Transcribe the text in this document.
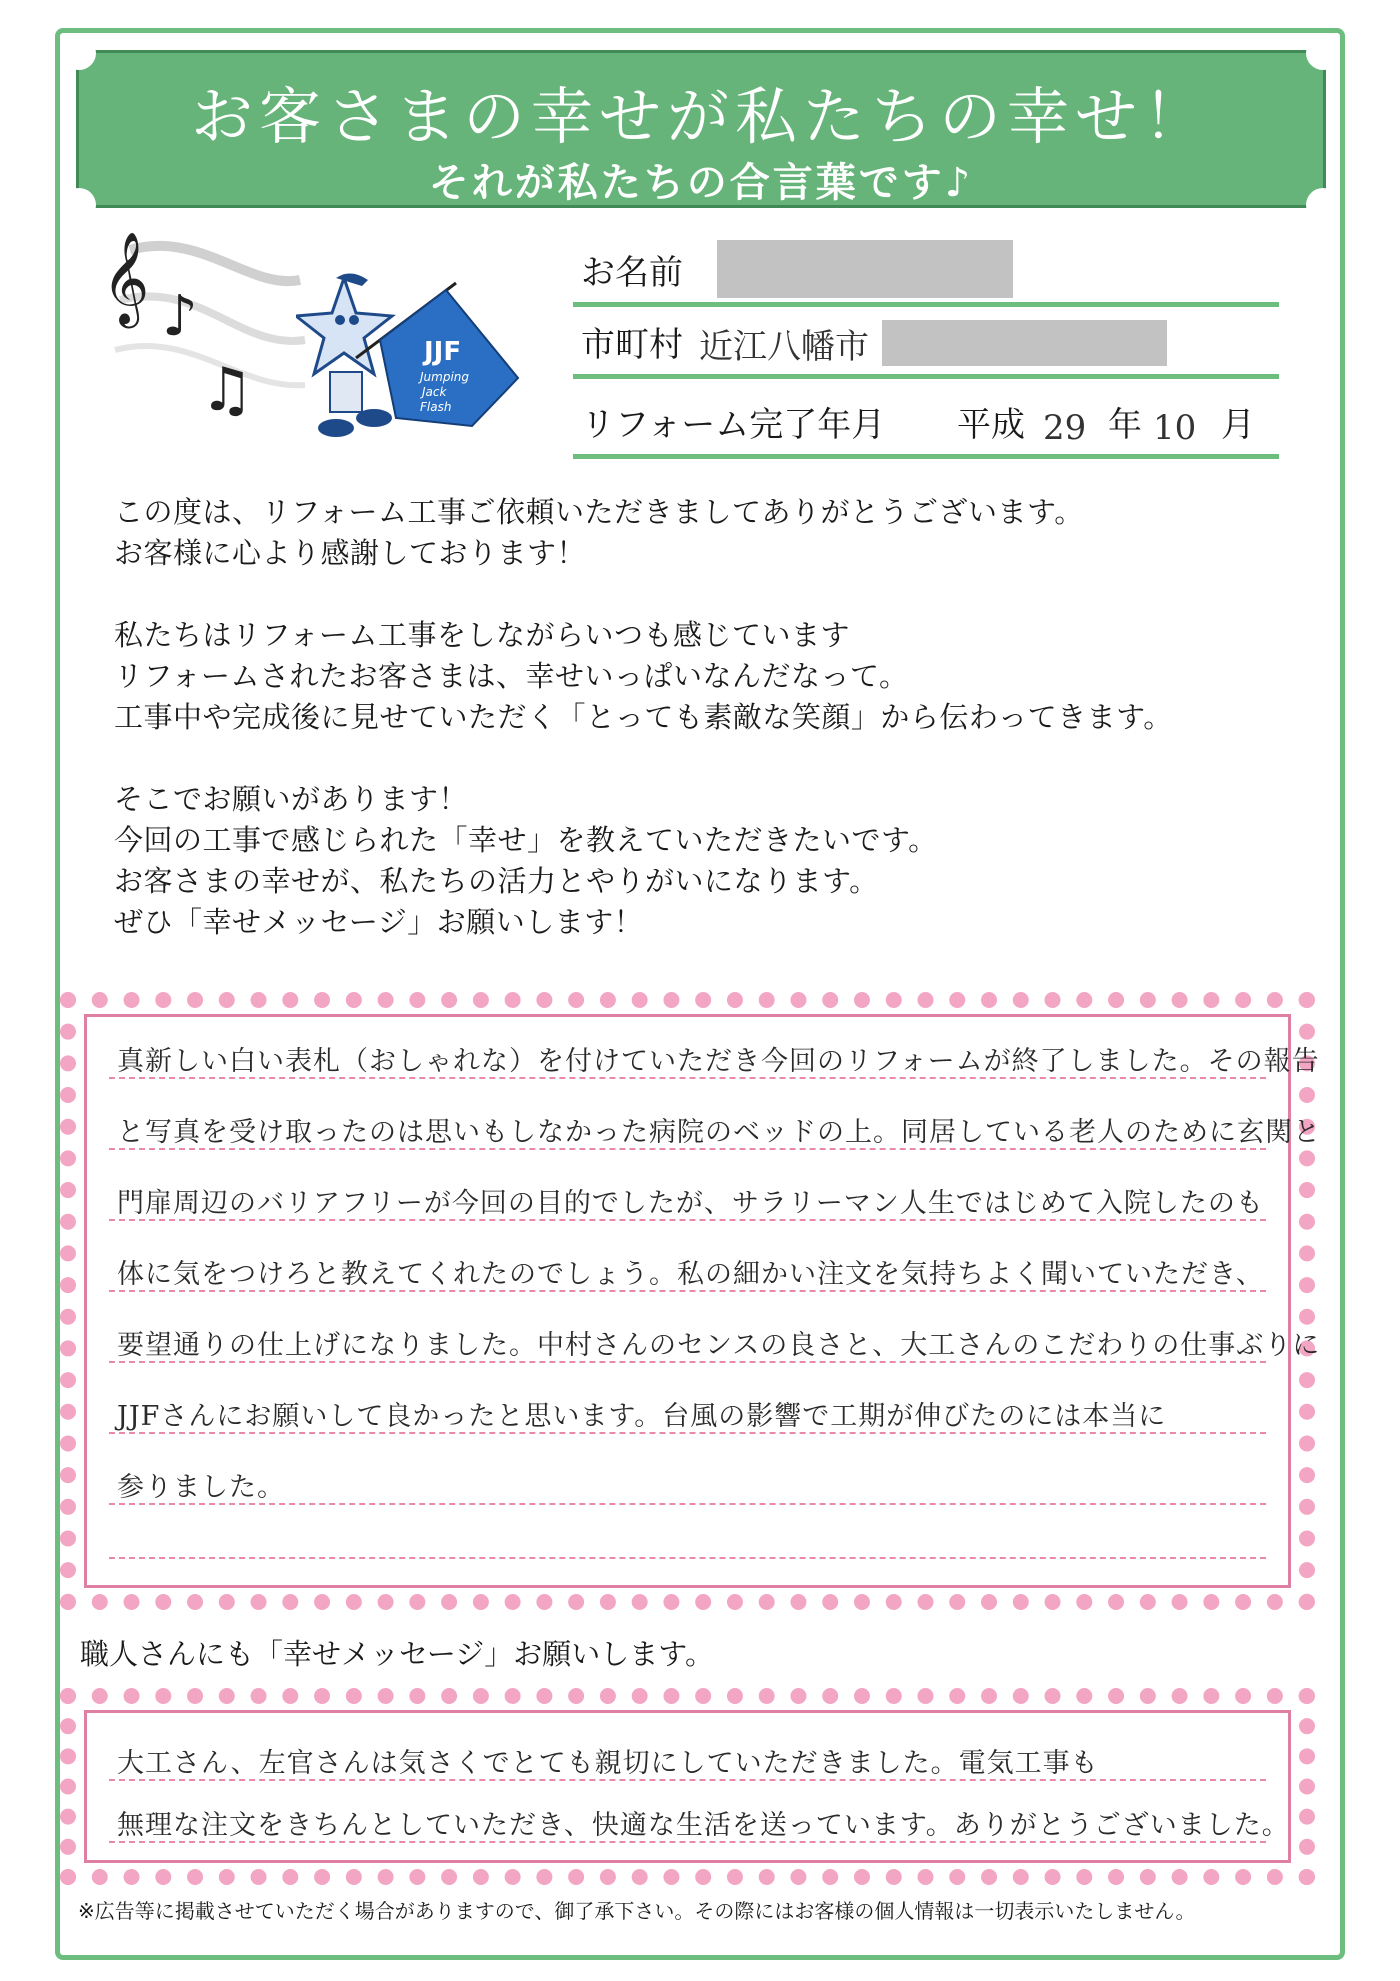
お客さまの幸せが私たちの幸せ！
それが私たちの合言葉です♪
𝄞 ♪
♫
JJF
Jumping
Jack
Flash
お名前
市町村 近江八幡市
リフォーム完了年月 平成 29 年 10 月

この度は、リフォーム工事ご依頼いただきましてありがとうございます。

お客様に心より感謝しております！

私たちはリフォーム工事をしながらいつも感じています

リフォームされたお客さまは、幸せいっぱいなんだなって。

工事中や完成後に見せていただく「とっても素敵な笑顔」から伝わってきます。

そこでお願いがあります！

今回の工事で感じられた「幸せ」を教えていただきたいです。

お客さまの幸せが、私たちの活力とやりがいになります。

ぜひ「幸せメッセージ」お願いします！

真新しい白い表札（おしゃれな）を付けていただき今回のリフォームが終了しました。その報告
と写真を受け取ったのは思いもしなかった病院のベッドの上。同居している老人のために玄関と
門扉周辺のバリアフリーが今回の目的でしたが、サラリーマン人生ではじめて入院したのも
体に気をつけろと教えてくれたのでしょう。私の細かい注文を気持ちよく聞いていただき、
要望通りの仕上げになりました。中村さんのセンスの良さと、大工さんのこだわりの仕事ぶりに
JJFさんにお願いして良かったと思います。台風の影響で工期が伸びたのには本当に
参りました。
職人さんにも「幸せメッセージ」お願いします。
大工さん、左官さんは気さくでとても親切にしていただきました。電気工事も
無理な注文をきちんとしていただき、快適な生活を送っています。ありがとうございました。
※広告等に掲載させていただく場合がありますので、御了承下さい。その際にはお客様の個人情報は一切表示いたしません。
